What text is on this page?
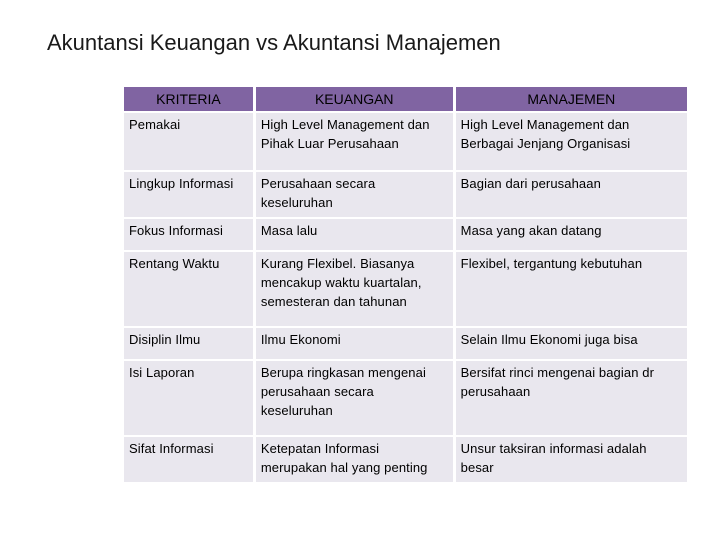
Akuntansi Keuangan vs Akuntansi Manajemen
KRITERIA	KEUANGAN	MANAJEMEN
Pemakai	High Level Management dan Pihak Luar Perusahaan	High Level Management dan Berbagai Jenjang Organisasi
Lingkup Informasi	Perusahaan secara keseluruhan	Bagian dari perusahaan
Fokus Informasi	Masa lalu	Masa yang akan datang
Rentang Waktu	Kurang Flexibel. Biasanya mencakup waktu kuartalan, semesteran dan tahunan	Flexibel, tergantung kebutuhan
Disiplin Ilmu	Ilmu Ekonomi	Selain Ilmu Ekonomi juga bisa
Isi Laporan	Berupa ringkasan mengenai perusahaan secara keseluruhan	Bersifat rinci mengenai bagian dr perusahaan
Sifat Informasi	Ketepatan Informasi merupakan hal yang penting	Unsur taksiran informasi adalah besar
